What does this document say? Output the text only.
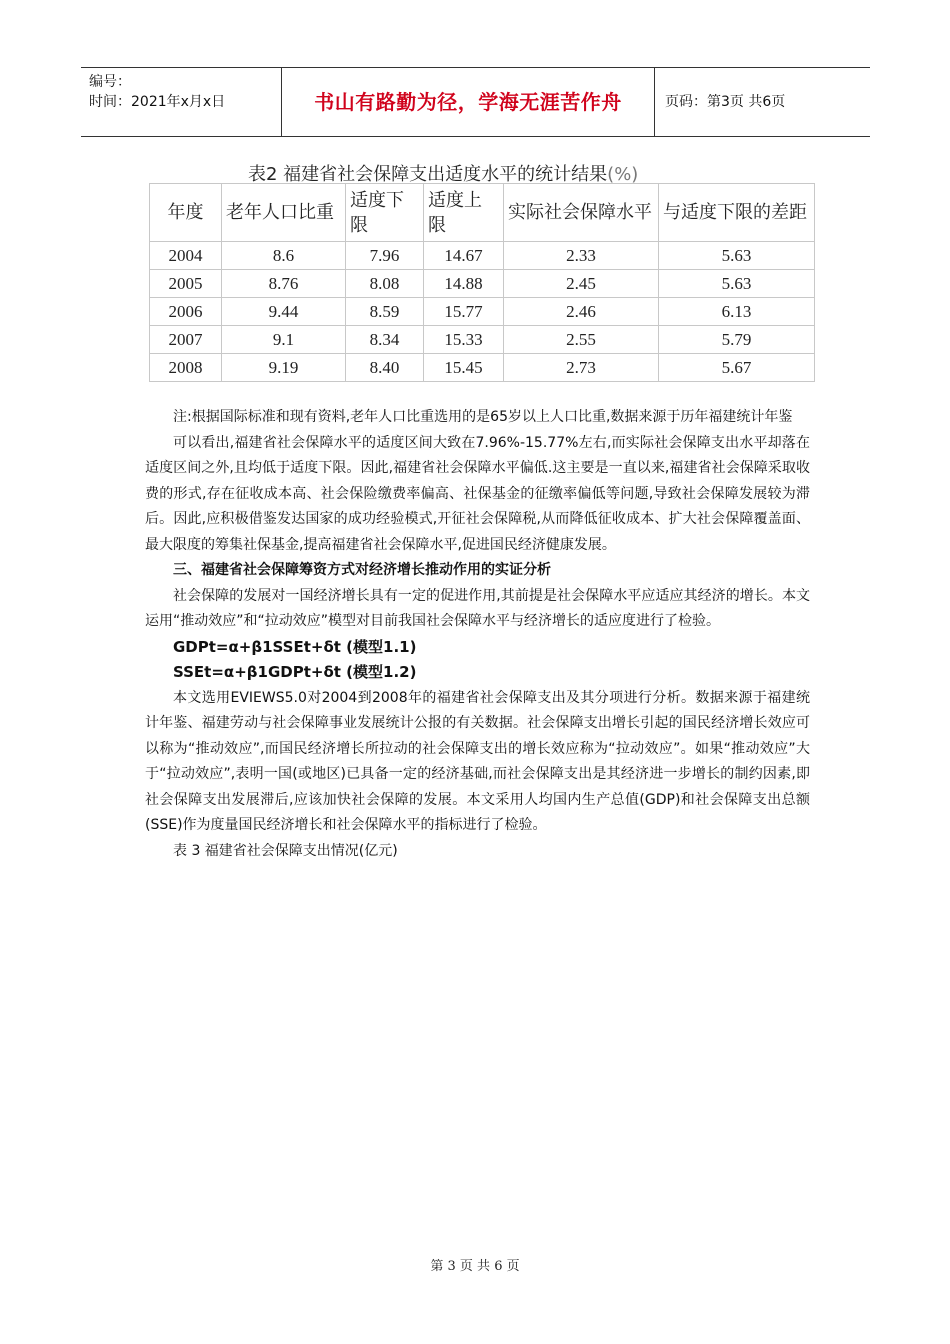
编号：
时间：2021年x月x日	书山有路勤为径，学海无涯苦作舟	页码：第3页 共6页
表2 福建省社会保障支出适度水平的统计结果(%)
年度	老年人口比重	适度下限	适度上限	实际社会保障水平	与适度下限的差距
2004	8.6	7.96	14.67	2.33	5.63
2005	8.76	8.08	14.88	2.45	5.63
2006	9.44	8.59	15.77	2.46	6.13
2007	9.1	8.34	15.33	2.55	5.79
2008	9.19	8.40	15.45	2.73	5.67

注:根据国际标准和现有资料,老年人口比重选用的是65岁以上人口比重,数据来源于历年福建统计年鉴

可以看出,福建省社会保障水平的适度区间大致在7.96%-15.77%左右,而实际社会保障支出水平却落在适度区间之外,且均低于适度下限。因此,福建省社会保障水平偏低.这主要是一直以来,福建省社会保障采取收费的形式,存在征收成本高、社会保险缴费率偏高、社保基金的征缴率偏低等问题,导致社会保障发展较为滞后。因此,应积极借鉴发达国家的成功经验模式,开征社会保障税,从而降低征收成本、扩大社会保障覆盖面、最大限度的筹集社保基金,提高福建省社会保障水平,促进国民经济健康发展。

三、福建省社会保障筹资方式对经济增长推动作用的实证分析

社会保障的发展对一国经济增长具有一定的促进作用,其前提是社会保障水平应适应其经济的增长。本文运用“推动效应”和“拉动效应”模型对目前我国社会保障水平与经济增长的适应度进行了检验。

GDPt=α+β1SSEt+δt (模型1.1)

SSEt=α+β1GDPt+δt (模型1.2)

本文选用EVIEWS5.0对2004到2008年的福建省社会保障支出及其分项进行分析。数据来源于福建统计年鉴、福建劳动与社会保障事业发展统计公报的有关数据。社会保障支出增长引起的国民经济增长效应可以称为“推动效应”,而国民经济增长所拉动的社会保障支出的增长效应称为“拉动效应”。如果“推动效应”大于“拉动效应”,表明一国(或地区)已具备一定的经济基础,而社会保障支出是其经济进一步增长的制约因素,即社会保障支出发展滞后,应该加快社会保障的发展。本文采用人均国内生产总值(GDP)和社会保障支出总额(SSE)作为度量国民经济增长和社会保障水平的指标进行了检验。

表 3 福建省社会保障支出情况(亿元)

第 3 页 共 6 页
